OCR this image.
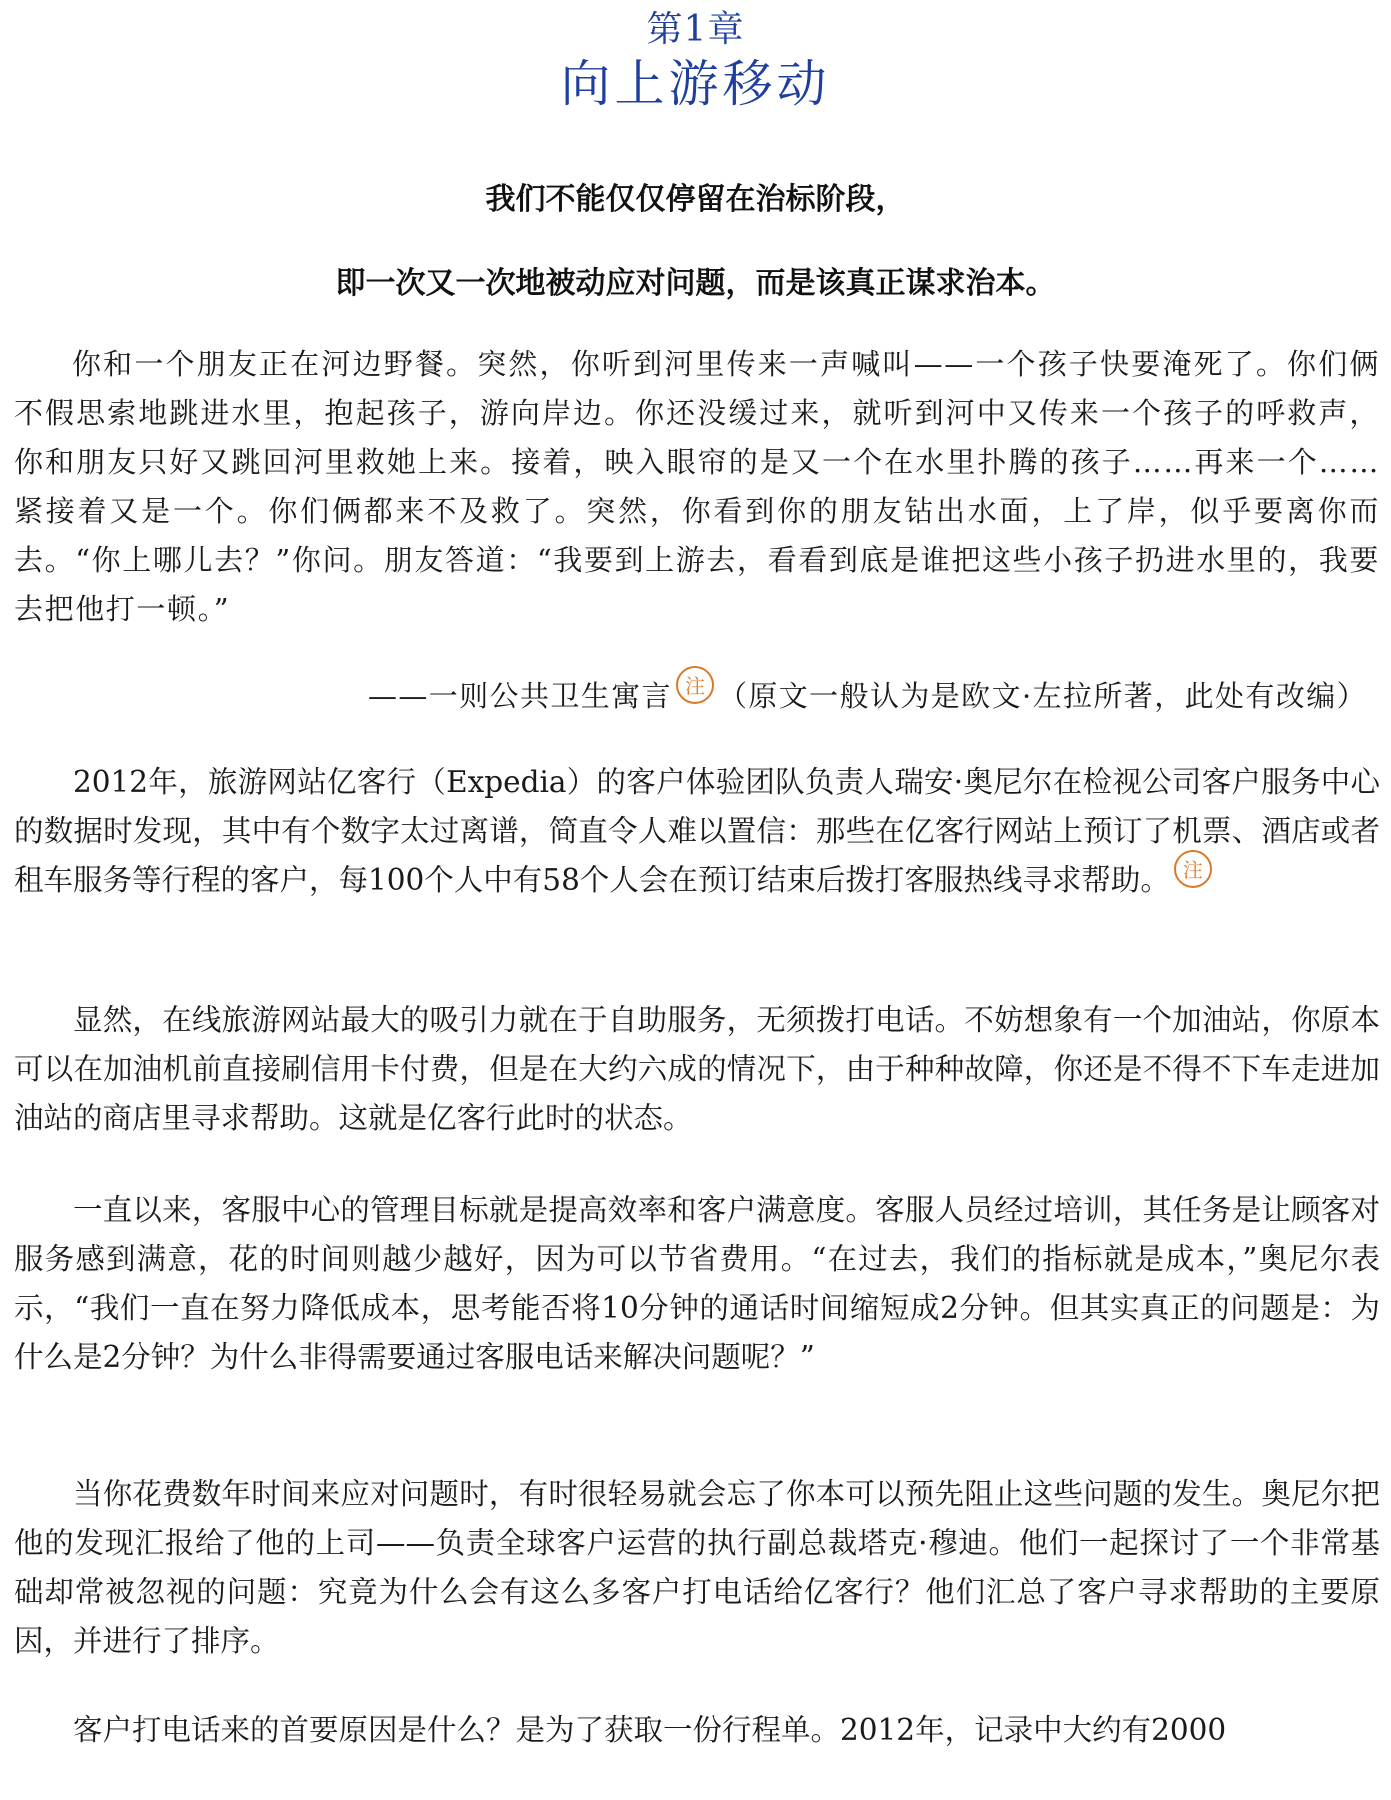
第1章
向上游移动
我们不能仅仅停留在治标阶段，
即一次又一次地被动应对问题，而是该真正谋求治本。

你和一个朋友正在河边野餐。突然，你听到河里传来一声喊叫——一个孩子快要淹死了。你们俩不假思索地跳进水里，抱起孩子，游向岸边。你还没缓过来，就听到河中又传来一个孩子的呼救声，你和朋友只好又跳回河里救她上来。接着，映入眼帘的是又一个在水里扑腾的孩子……再来一个……紧接着又是一个。你们俩都来不及救了。突然，你看到你的朋友钻出水面，上了岸，似乎要离你而去。“你上哪儿去？”你问。朋友答道：“我要到上游去，看看到底是谁把这些小孩子扔进水里的，我要去把他打一顿。”

——一则公共卫生寓言 注 （原文一般认为是欧文·左拉所著，此处有改编）

2012年，旅游网站亿客行（Expedia）的客户体验团队负责人瑞安·奥尼尔在检视公司客户服务中心的数据时发现，其中有个数字太过离谱，简直令人难以置信：那些在亿客行网站上预订了机票、酒店或者租车服务等行程的客户，每100个人中有58个人会在预订结束后拨打客服热线寻求帮助。 注

显然，在线旅游网站最大的吸引力就在于自助服务，无须拨打电话。不妨想象有一个加油站，你原本可以在加油机前直接刷信用卡付费，但是在大约六成的情况下，由于种种故障，你还是不得不下车走进加油站的商店里寻求帮助。这就是亿客行此时的状态。

一直以来，客服中心的管理目标就是提高效率和客户满意度。客服人员经过培训，其任务是让顾客对服务感到满意，花的时间则越少越好，因为可以节省费用。“在过去，我们的指标就是成本，”奥尼尔表示，“我们一直在努力降低成本，思考能否将10分钟的通话时间缩短成2分钟。但其实真正的问题是：为什么是2分钟？为什么非得需要通过客服电话来解决问题呢？”

当你花费数年时间来应对问题时，有时很轻易就会忘了你本可以预先阻止这些问题的发生。奥尼尔把他的发现汇报给了他的上司——负责全球客户运营的执行副总裁塔克·穆迪。他们一起探讨了一个非常基础却常被忽视的问题：究竟为什么会有这么多客户打电话给亿客行？他们汇总了客户寻求帮助的主要原因，并进行了排序。

客户打电话来的首要原因是什么？是为了获取一份行程单。2012年，记录中大约有2000
